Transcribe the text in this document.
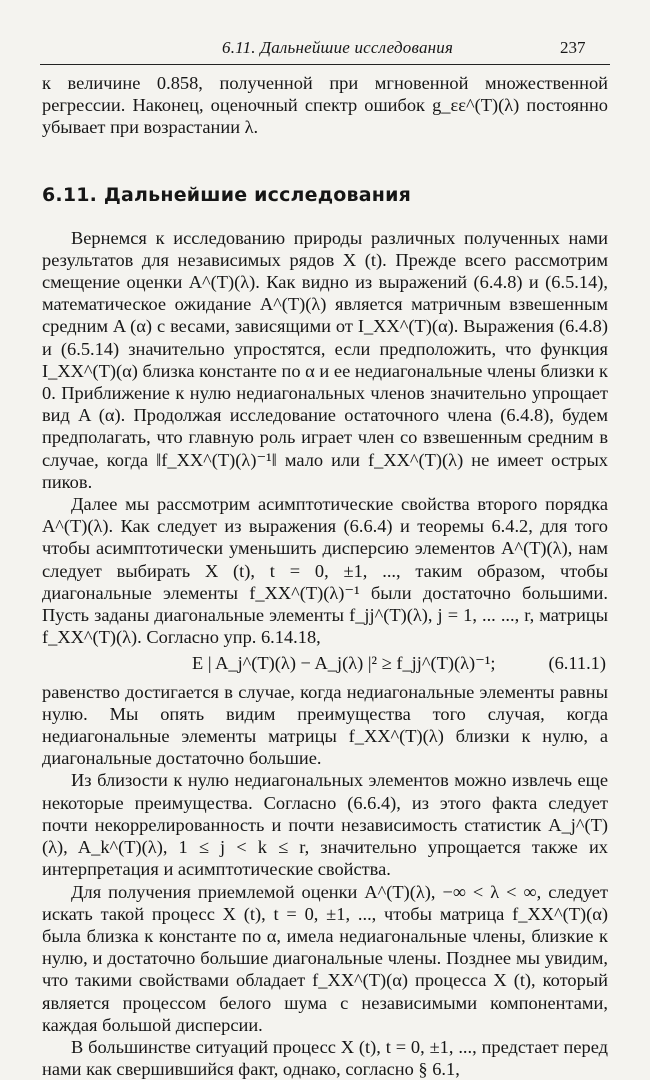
6.11. Дальнейшие исследования	237

к величине 0.858, полученной при мгновенной множественной регрессии. Наконец, оценочный спектр ошибок g_εε^(T)(λ) постоянно убывает при возрастании λ.

6.11. Дальнейшие исследования

Вернемся к исследованию природы различных полученных нами результатов для независимых рядов X (t). Прежде всего рассмотрим смещение оценки A^(T)(λ). Как видно из выражений (6.4.8) и (6.5.14), математическое ожидание A^(T)(λ) является матричным взвешенным средним A (α) с весами, зависящими от I_XX^(T)(α). Выражения (6.4.8) и (6.5.14) значительно упростятся, если предположить, что функция I_XX^(T)(α) близка константе по α и ее недиагональные члены близки к 0. Приближение к нулю недиагональных членов значительно упрощает вид A (α). Продолжая исследование остаточного члена (6.4.8), будем предполагать, что главную роль играет член со взвешенным средним в случае, когда ‖f_XX^(T)(λ)⁻¹‖ мало или f_XX^(T)(λ) не имеет острых пиков.

Далее мы рассмотрим асимптотические свойства второго порядка A^(T)(λ). Как следует из выражения (6.6.4) и теоремы 6.4.2, для того чтобы асимптотически уменьшить дисперсию элементов A^(T)(λ), нам следует выбирать X (t), t = 0, ±1, ..., таким образом, чтобы диагональные элементы f_XX^(T)(λ)⁻¹ были достаточно большими. Пусть заданы диагональные элементы f_jj^(T)(λ), j = 1, ... ..., r, матрицы f_XX^(T)(λ). Согласно упр. 6.14.18,

E | A_j^(T)(λ) − A_j(λ) |² ≥ f_jj^(T)(λ)⁻¹;	(6.11.1)

равенство достигается в случае, когда недиагональные элементы равны нулю. Мы опять видим преимущества того случая, когда недиагональные элементы матрицы f_XX^(T)(λ) близки к нулю, а диагональные достаточно большие.

Из близости к нулю недиагональных элементов можно извлечь еще некоторые преимущества. Согласно (6.6.4), из этого факта следует почти некоррелированность и почти независимость статистик A_j^(T)(λ), A_k^(T)(λ), 1 ≤ j < k ≤ r, значительно упрощается также их интерпретация и асимптотические свойства.

Для получения приемлемой оценки A^(T)(λ), −∞ < λ < ∞, следует искать такой процесс X (t), t = 0, ±1, ..., чтобы матрица f_XX^(T)(α) была близка к константе по α, имела недиагональные члены, близкие к нулю, и достаточно большие диагональные члены. Позднее мы увидим, что такими свойствами обладает f_XX^(T)(α) процесса X (t), который является процессом белого шума с независимыми компонентами, каждая большой дисперсии.

В большинстве ситуаций процесс X (t), t = 0, ±1, ..., предстает перед нами как свершившийся факт, однако, согласно § 6.1,
